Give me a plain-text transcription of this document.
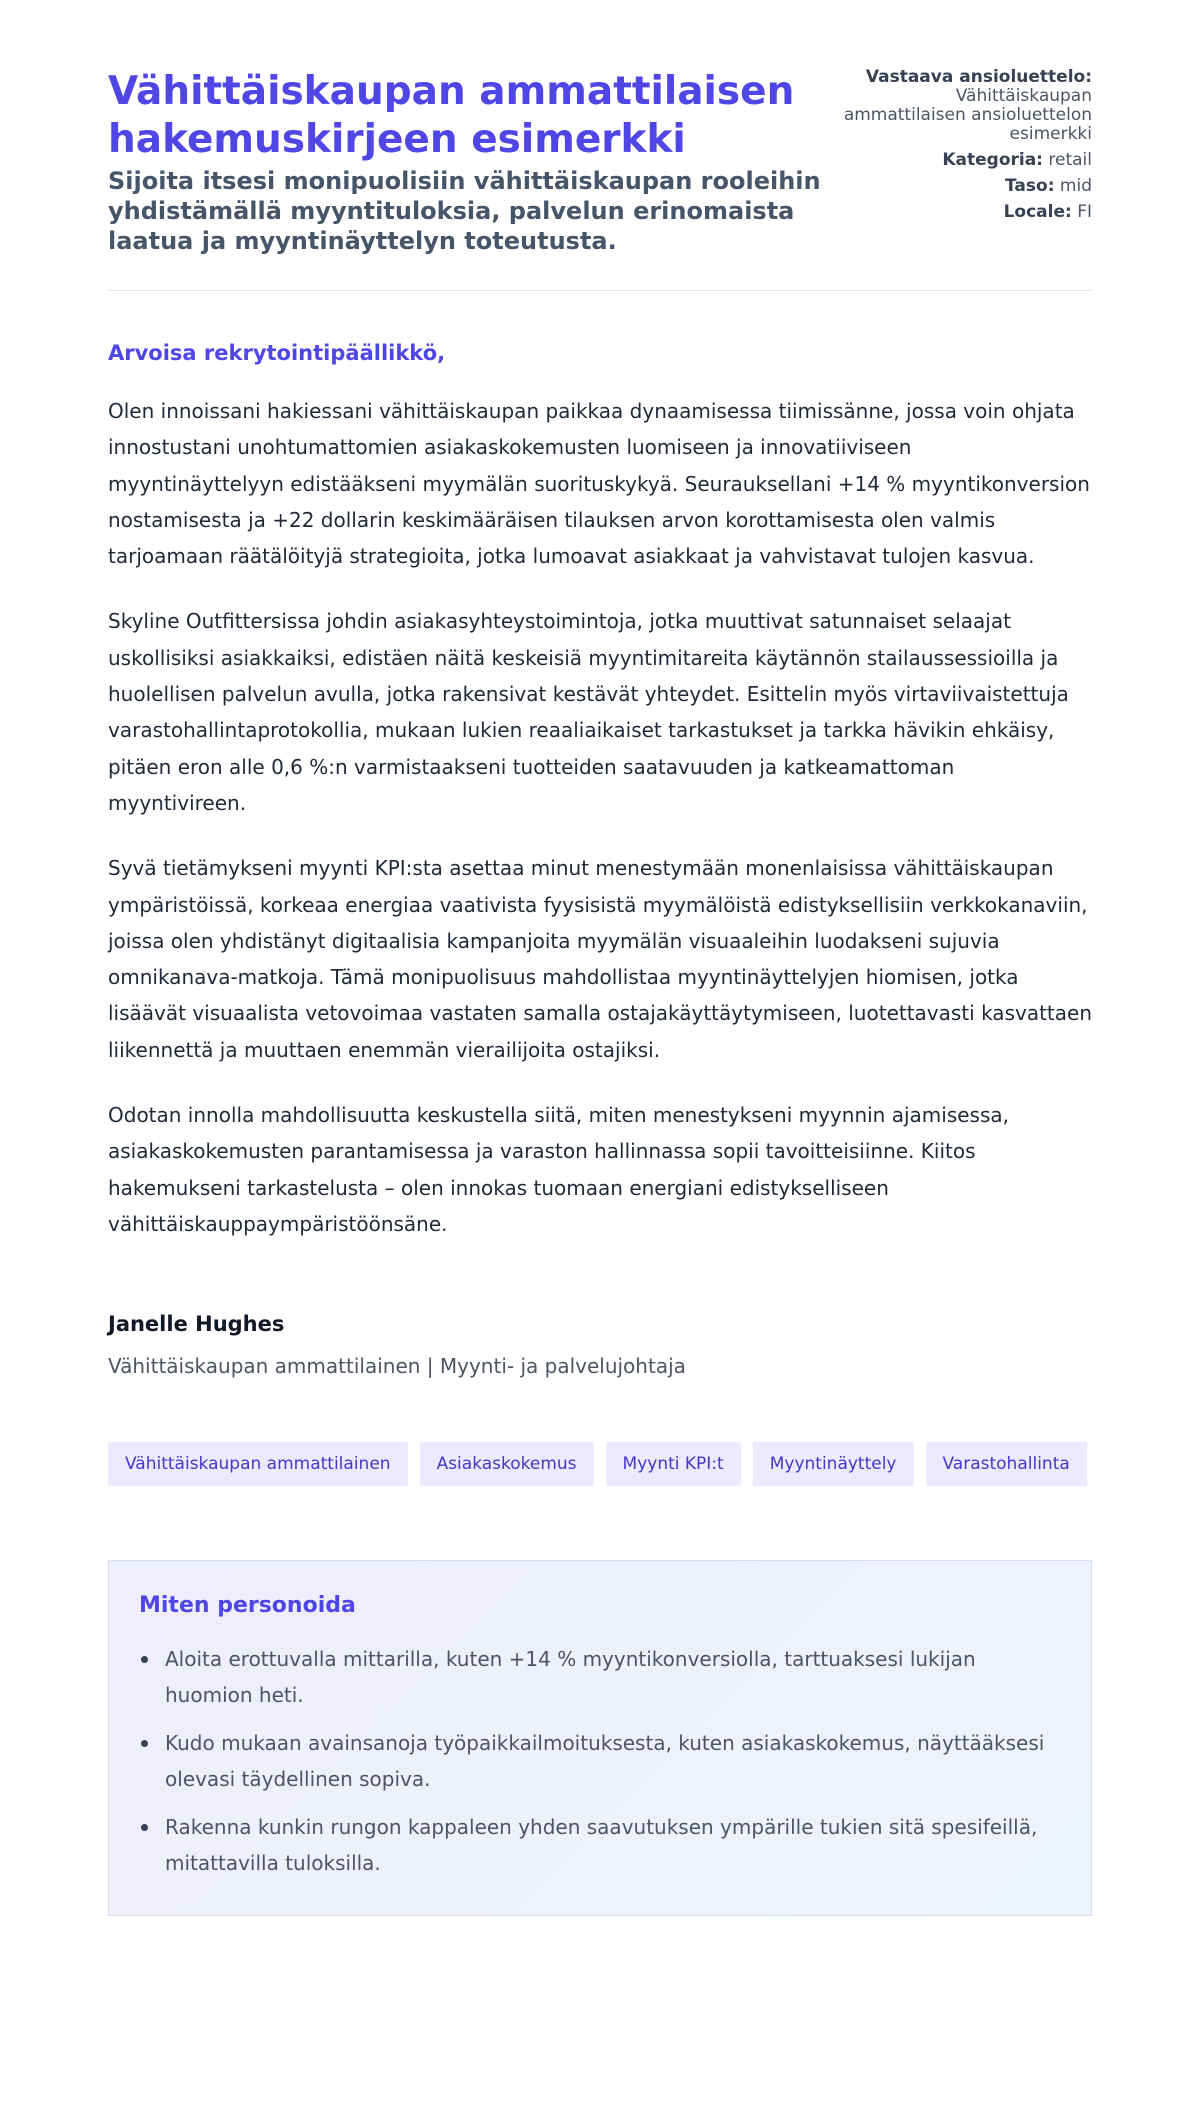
Vähittäiskaupan ammattilaisen hakemuskirjeen esimerkki
Sijoita itsesi monipuolisiin vähittäiskaupan rooleihin yhdistämällä myyntituloksia, palvelun erinomaista laatua ja myyntinäyttelyn toteutusta.
Vastaava ansioluettelo:
Vähittäiskaupan ammattilaisen ansioluettelon esimerkki
Kategoria: retail
Taso: mid
Locale: FI
Arvoisa rekrytointipäällikkö,

Olen innoissani hakiessani vähittäiskaupan paikkaa dynaamisessa tiimissänne, jossa voin ohjata innostustani unohtumattomien asiakaskokemusten luomiseen ja innovatiiviseen myyntinäyttelyyn edistääkseni myymälän suorituskykyä. Seurauksellani +14 % myyntikonversion nostamisesta ja +22 dollarin keskimääräisen tilauksen arvon korottamisesta olen valmis tarjoamaan räätälöityjä strategioita, jotka lumoavat asiakkaat ja vahvistavat tulojen kasvua.

Skyline Outfittersissa johdin asiakasyhteystoimintoja, jotka muuttivat satunnaiset selaajat uskollisiksi asiakkaiksi, edistäen näitä keskeisiä myyntimitareita käytännön stailaussessioilla ja huolellisen palvelun avulla, jotka rakensivat kestävät yhteydet. Esittelin myös virtaviivaistettuja varastohallintaprotokollia, mukaan lukien reaaliaikaiset tarkastukset ja tarkka hävikin ehkäisy, pitäen eron alle 0,6 %:n varmistaakseni tuotteiden saatavuuden ja katkeamattoman myyntivireen.

Syvä tietämykseni myynti KPI:sta asettaa minut menestymään monenlaisissa vähittäiskaupan ympäristöissä, korkeaa energiaa vaativista fyysisistä myymälöistä edistyksellisiin verkkokanaviin, joissa olen yhdistänyt digitaalisia kampanjoita myymälän visuaaleihin luodakseni sujuvia omnikanava-matkoja. Tämä monipuolisuus mahdollistaa myyntinäyttelyjen hiomisen, jotka lisäävät visuaalista vetovoimaa vastaten samalla ostajakäyttäytymiseen, luotettavasti kasvattaen liikennettä ja muuttaen enemmän vierailijoita ostajiksi.

Odotan innolla mahdollisuutta keskustella siitä, miten menestykseni myynnin ajamisessa, asiakaskokemusten parantamisessa ja varaston hallinnassa sopii tavoitteisiinne. Kiitos hakemukseni tarkastelusta – olen innokas tuomaan energiani edistykselliseen vähittäiskauppaympäristöönsäne.

Janelle Hughes
Vähittäiskaupan ammattilainen | Myynti- ja palvelujohtaja
Vähittäiskaupan ammattilainen	Asiakaskokemus	Myynti KPI:t	Myyntinäyttely	Varastohallinta
Miten personoida
Aloita erottuvalla mittarilla, kuten +14 % myyntikonversiolla, tarttuaksesi lukijan huomion heti.
Kudo mukaan avainsanoja työpaikkailmoituksesta, kuten asiakaskokemus, näyttääksesi olevasi täydellinen sopiva.
Rakenna kunkin rungon kappaleen yhden saavutuksen ympärille tukien sitä spesifeillä, mitattavilla tuloksilla.
